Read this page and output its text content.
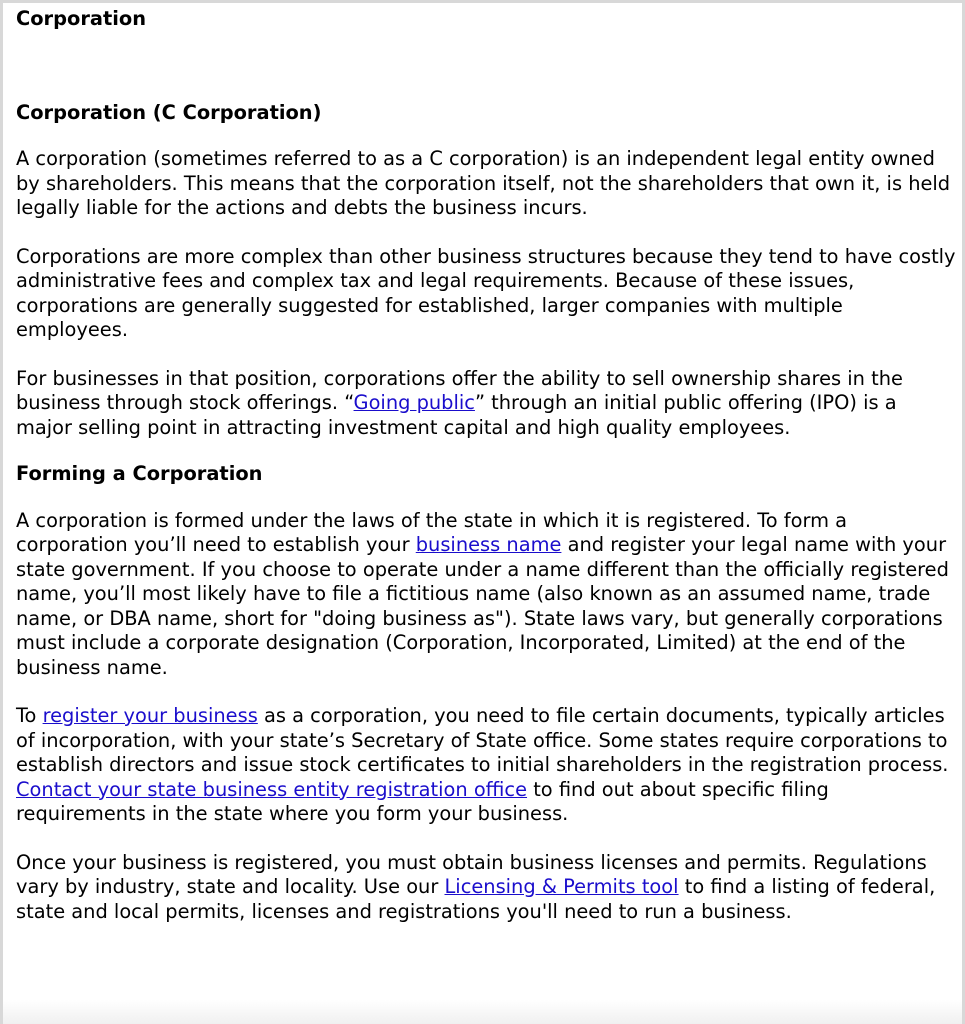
Corporation
Corporation (C Corporation)

A corporation (sometimes referred to as a C corporation) is an independent legal entity owned by shareholders. This means that the corporation itself, not the shareholders that own it, is held legally liable for the actions and debts the business incurs.

Corporations are more complex than other business structures because they tend to have costly administrative fees and complex tax and legal requirements. Because of these issues, corporations are generally suggested for established, larger companies with multiple employees.

For businesses in that position, corporations offer the ability to sell ownership shares in the business through stock offerings. “Going public” through an initial public offering (IPO) is a major selling point in attracting investment capital and high quality employees.

Forming a Corporation

A corporation is formed under the laws of the state in which it is registered. To form a corporation you’ll need to establish your business name and register your legal name with your state government. If you choose to operate under a name different than the officially registered name, you’ll most likely have to file a fictitious name (also known as an assumed name, trade name, or DBA name, short for "doing business as"). State laws vary, but generally corporations must include a corporate designation (Corporation, Incorporated, Limited) at the end of the business name.

To register your business as a corporation, you need to file certain documents, typically articles of incorporation, with your state’s Secretary of State office. Some states require corporations to establish directors and issue stock certificates to initial shareholders in the registration process. Contact your state business entity registration office to find out about specific filing requirements in the state where you form your business.

Once your business is registered, you must obtain business licenses and permits. Regulations vary by industry, state and locality. Use our Licensing & Permits tool to find a listing of federal, state and local permits, licenses and registrations you'll need to run a business.
